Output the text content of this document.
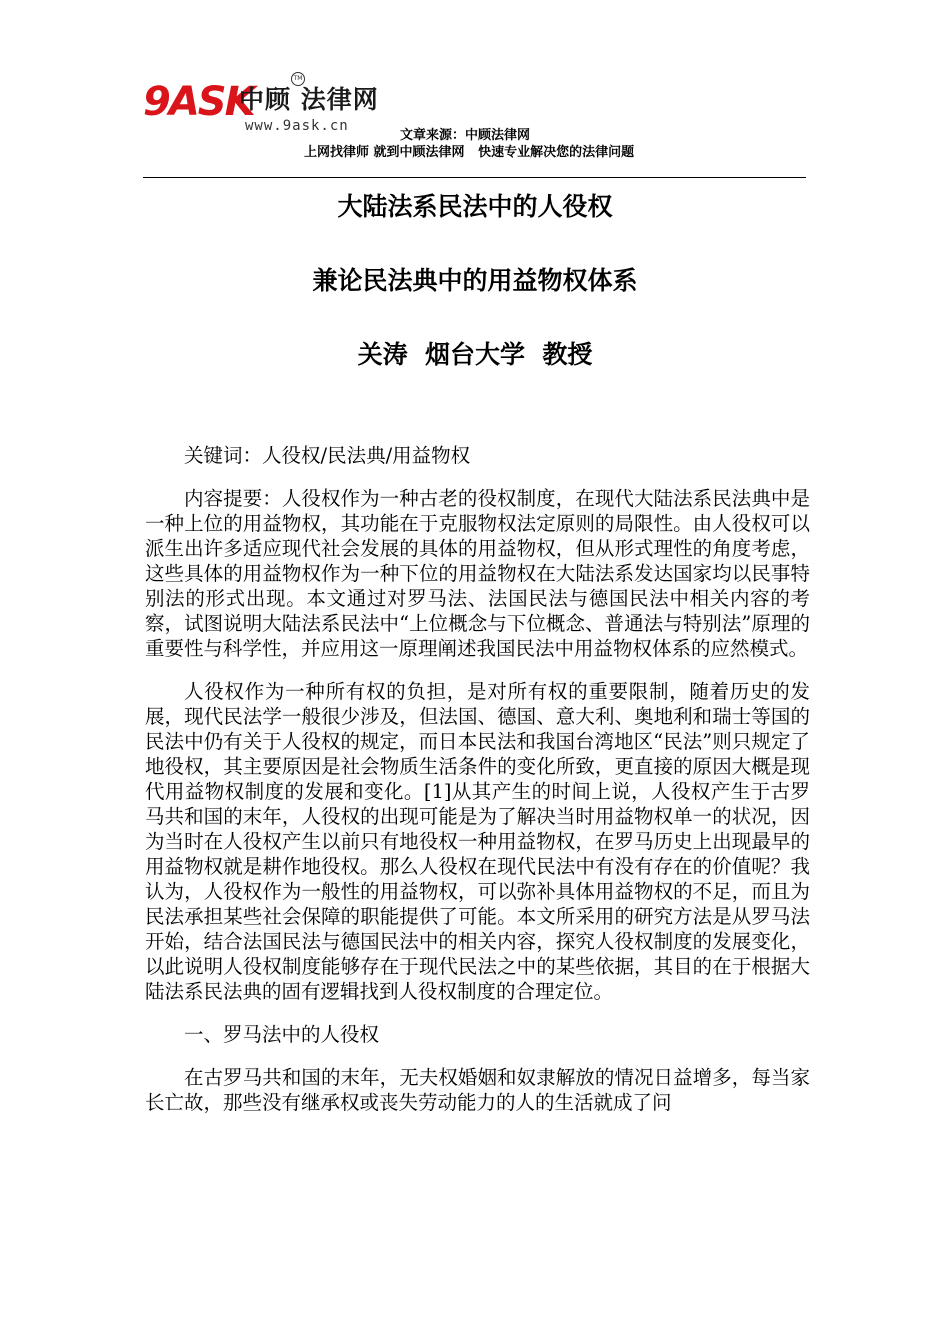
9ASK
中顾 法律网
TM
www.9ask.cn
文章来源：中顾法律网
上网找律师 就到中顾法律网   快速专业解决您的法律问题
大陆法系民法中的人役权
兼论民法典中的用益物权体系
关涛  烟台大学  教授

关键词：人役权/民法典/用益物权

内容提要：人役权作为一种古老的役权制度，在现代大陆法系民法典中是一种上位的用益物权，其功能在于克服物权法定原则的局限性。由人役权可以派生出许多适应现代社会发展的具体的用益物权，但从形式理性的角度考虑，这些具体的用益物权作为一种下位的用益物权在大陆法系发达国家均以民事特别法的形式出现。本文通过对罗马法、法国民法与德国民法中相关内容的考察，试图说明大陆法系民法中“上位概念与下位概念、普通法与特别法”原理的重要性与科学性，并应用这一原理阐述我国民法中用益物权体系的应然模式。

人役权作为一种所有权的负担，是对所有权的重要限制，随着历史的发展，现代民法学一般很少涉及，但法国、德国、意大利、奥地利和瑞士等国的民法中仍有关于人役权的规定，而日本民法和我国台湾地区“民法”则只规定了地役权，其主要原因是社会物质生活条件的变化所致，更直接的原因大概是现代用益物权制度的发展和变化。[1]从其产生的时间上说，人役权产生于古罗马共和国的末年，人役权的出现可能是为了解决当时用益物权单一的状况，因为当时在人役权产生以前只有地役权一种用益物权，在罗马历史上出现最早的用益物权就是耕作地役权。那么人役权在现代民法中有没有存在的价值呢？我认为，人役权作为一般性的用益物权，可以弥补具体用益物权的不足，而且为民法承担某些社会保障的职能提供了可能。本文所采用的研究方法是从罗马法开始，结合法国民法与德国民法中的相关内容，探究人役权制度的发展变化，以此说明人役权制度能够存在于现代民法之中的某些依据，其目的在于根据大陆法系民法典的固有逻辑找到人役权制度的合理定位。

一、罗马法中的人役权

在古罗马共和国的末年，无夫权婚姻和奴隶解放的情况日益增多，每当家长亡故，那些没有继承权或丧失劳动能力的人的生活就成了问
